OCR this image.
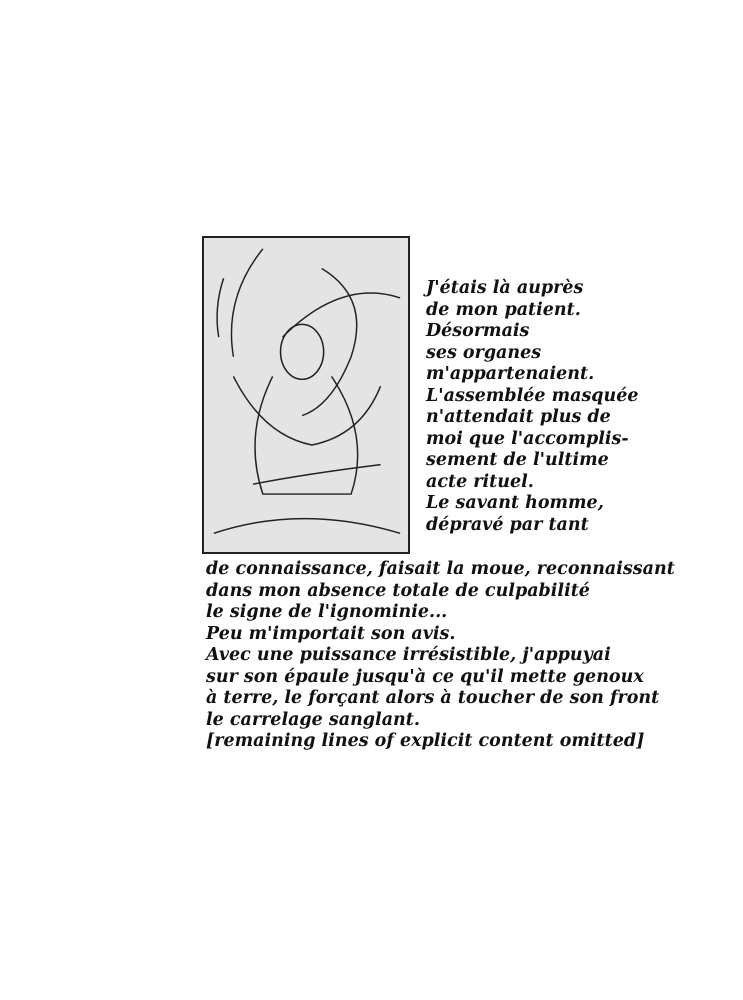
J'étais là auprès
de mon patient.
Désormais
ses organes
m'appartenaient.
L'assemblée masquée
n'attendait plus de
moi que l'accomplis-
sement de l'ultime
acte rituel.
Le savant homme,
dépravé par tant
de connaissance, faisait la moue, reconnaissant
dans mon absence totale de culpabilité
le signe de l'ignominie...
Peu m'importait son avis.
Avec une puissance irrésistible, j'appuyai
sur son épaule jusqu'à ce qu'il mette genoux
à terre, le forçant alors à toucher de son front
le carrelage sanglant.
[remaining lines of explicit content omitted]
